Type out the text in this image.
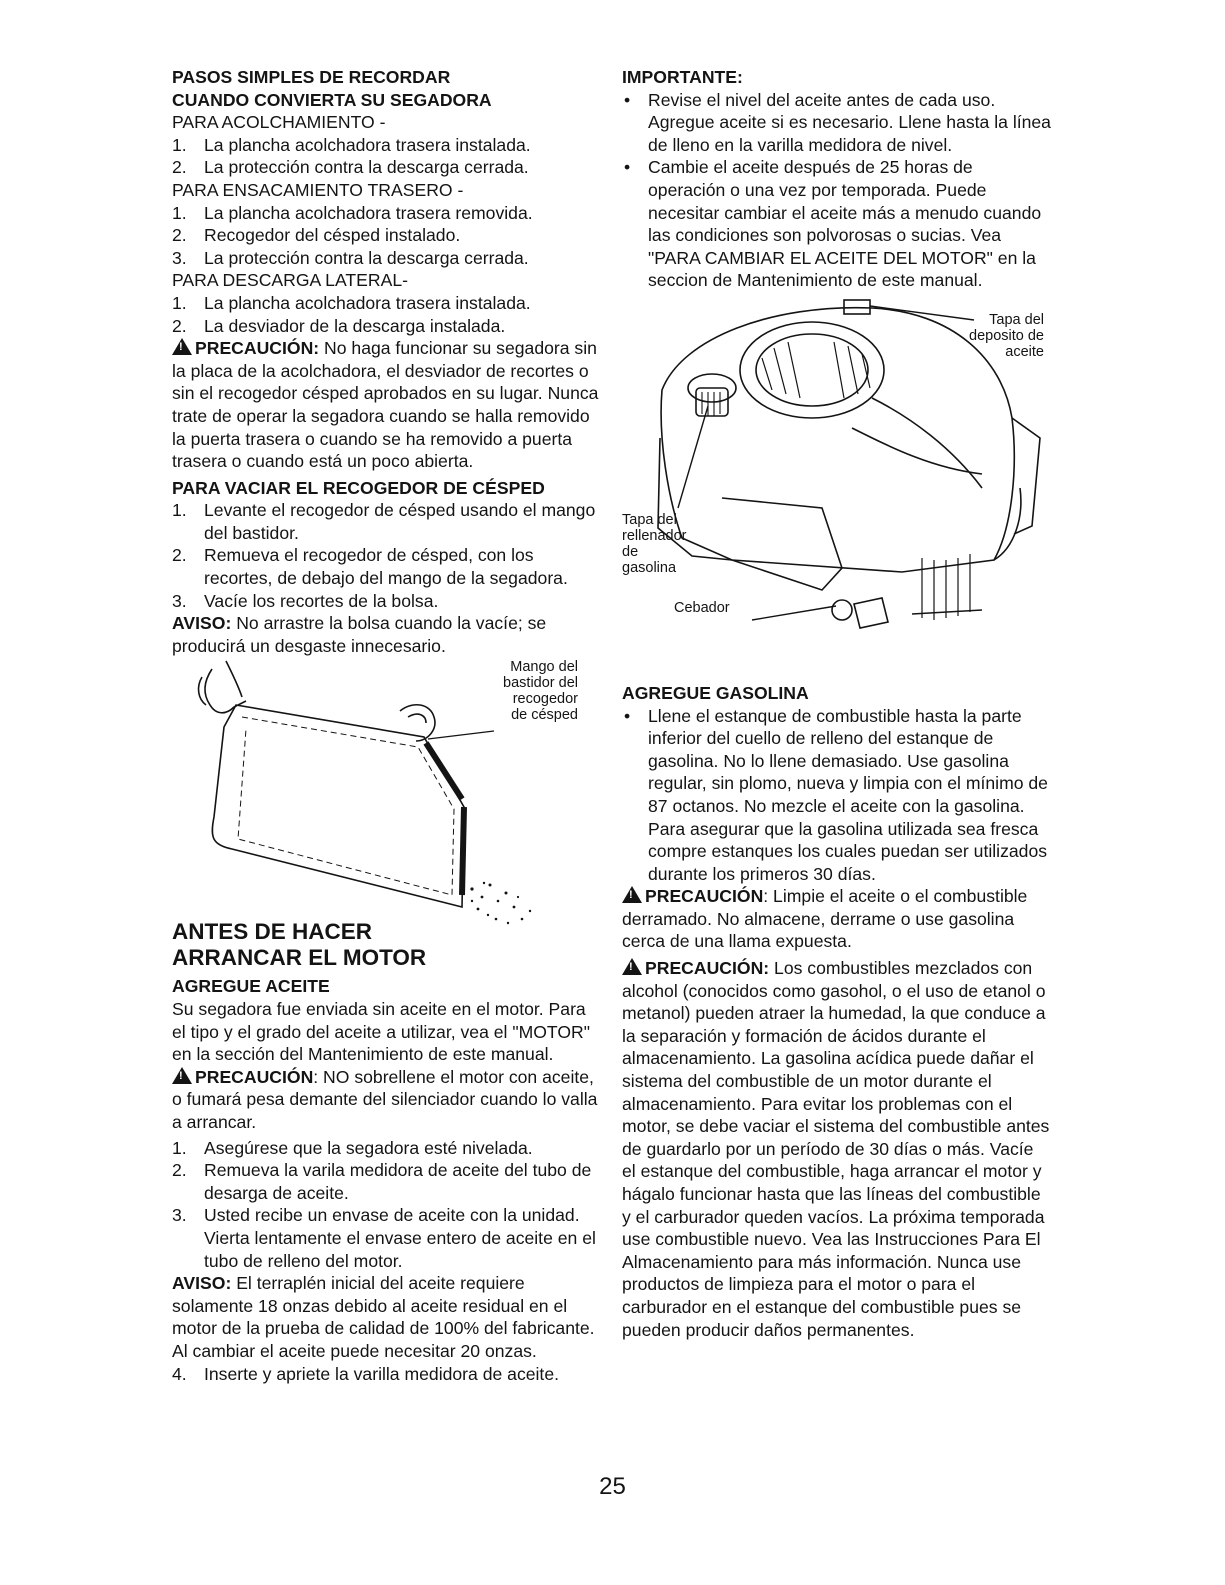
PASOS SIMPLES DE RECORDAR

CUANDO CONVIERTA SU SEGADORA

PARA ACOLCHAMIENTO -

1. La plancha acolchadora trasera instalada.
2. La protección contra la descarga cerrada.

PARA ENSACAMIENTO TRASERO -

1. La plancha acolchadora trasera removida.
2. Recogedor del césped instalado.
3. La protección contra la descarga cerrada.

PARA DESCARGA LATERAL-

1. La plancha acolchadora trasera instalada.
2. La desviador de la descarga instalada.

!PRECAUCIÓN: No haga funcionar su segadora sin la placa de la acolchadora, el desviador de recortes o sin el recogedor césped aprobados en su lugar. Nunca trate de operar la segadora cuando se halla removido la puerta trasera o cuando se ha removido a puerta trasera o cuando está un poco abierta.

PARA VACIAR EL RECOGEDOR DE CÉSPED

1. Levante el recogedor de césped usando el mango del bastidor.
2. Remueva el recogedor de césped, con los recortes, de debajo del mango de la segadora.
3. Vacíe los recortes de la bolsa.

AVISO: No arrastre la bolsa cuando la vacíe; se producirá un desgaste innecesario.

Mango del
bastidor del
recogedor
de césped

ANTES DE HACER

ARRANCAR EL MOTOR

AGREGUE ACEITE

Su segadora fue enviada sin aceite en el motor. Para el tipo y el grado del aceite a utilizar, vea el "MOTOR" en la sección del Mantenimiento de este manual.

!PRECAUCIÓN: NO sobrellene el motor con aceite, o fumará pesa demante del silenciador cuando lo valla a arrancar.

1. Asegúrese que la segadora esté nivelada.
2. Remueva la varila medidora de aceite del tubo de desarga de aceite.
3. Usted recibe un envase de aceite con la unidad. Vierta lentamente el envase entero de aceite en el tubo de relleno del motor.

AVISO: El terraplén inicial del aceite requiere solamente 18 onzas debido al aceite residual en el motor de la prueba de calidad de 100% del fabricante. Al cambiar el aceite puede necesitar 20 onzas.

4. Inserte y apriete la varilla medidora de aceite.

IMPORTANTE:

•	Revise el nivel del aceite antes de cada uso. Agregue aceite si es necesario. Llene hasta la línea de lleno en la varilla medidora de nivel.
•	Cambie el aceite después de 25 horas de operación o una vez por temporada. Puede necesitar cambiar el aceite más a menudo cuando las condiciones son polvorosas o sucias. Vea "PARA CAMBIAR EL ACEITE DEL MOTOR" en la seccion de Mantenimiento de este manual.
Tapa del
deposito de
aceite
Tapa del
rellenador
de
gasolina
Cebador

AGREGUE GASOLINA

•	Llene el estanque de combustible hasta la parte inferior del cuello de relleno del estanque de gasolina. No lo llene demasiado. Use gasolina regular, sin plomo, nueva y limpia con el mínimo de 87 octanos. No mezcle el aceite con la gasolina. Para asegurar que la gasolina utilizada sea fresca compre estanques los cuales puedan ser utilizados durante los primeros 30 días.

!PRECAUCIÓN: Limpie el aceite o el combustible derramado. No almacene, derrame o use gasolina cerca de una llama expuesta.

!PRECAUCIÓN: Los combustibles mezclados con alcohol (conocidos como gasohol, o el uso de etanol o metanol) pueden atraer la humedad, la que conduce a la separación y formación de ácidos durante el almacenamiento. La gasolina acídica puede dañar el sistema del combustible de un motor durante el almacenamiento. Para evitar los problemas con el motor, se debe vaciar el sistema del combustible antes de guardarlo por un período de 30 días o más. Vacíe el estanque del combustible, haga arrancar el motor y hágalo funcionar hasta que las líneas del combustible y el carburador queden vacíos. La próxima temporada use combustible nuevo. Vea las Instrucciones Para El Almacenamiento para más información. Nunca use productos de limpieza para el motor o para el carburador en el estanque del combustible pues se pueden producir daños permanentes.

25
